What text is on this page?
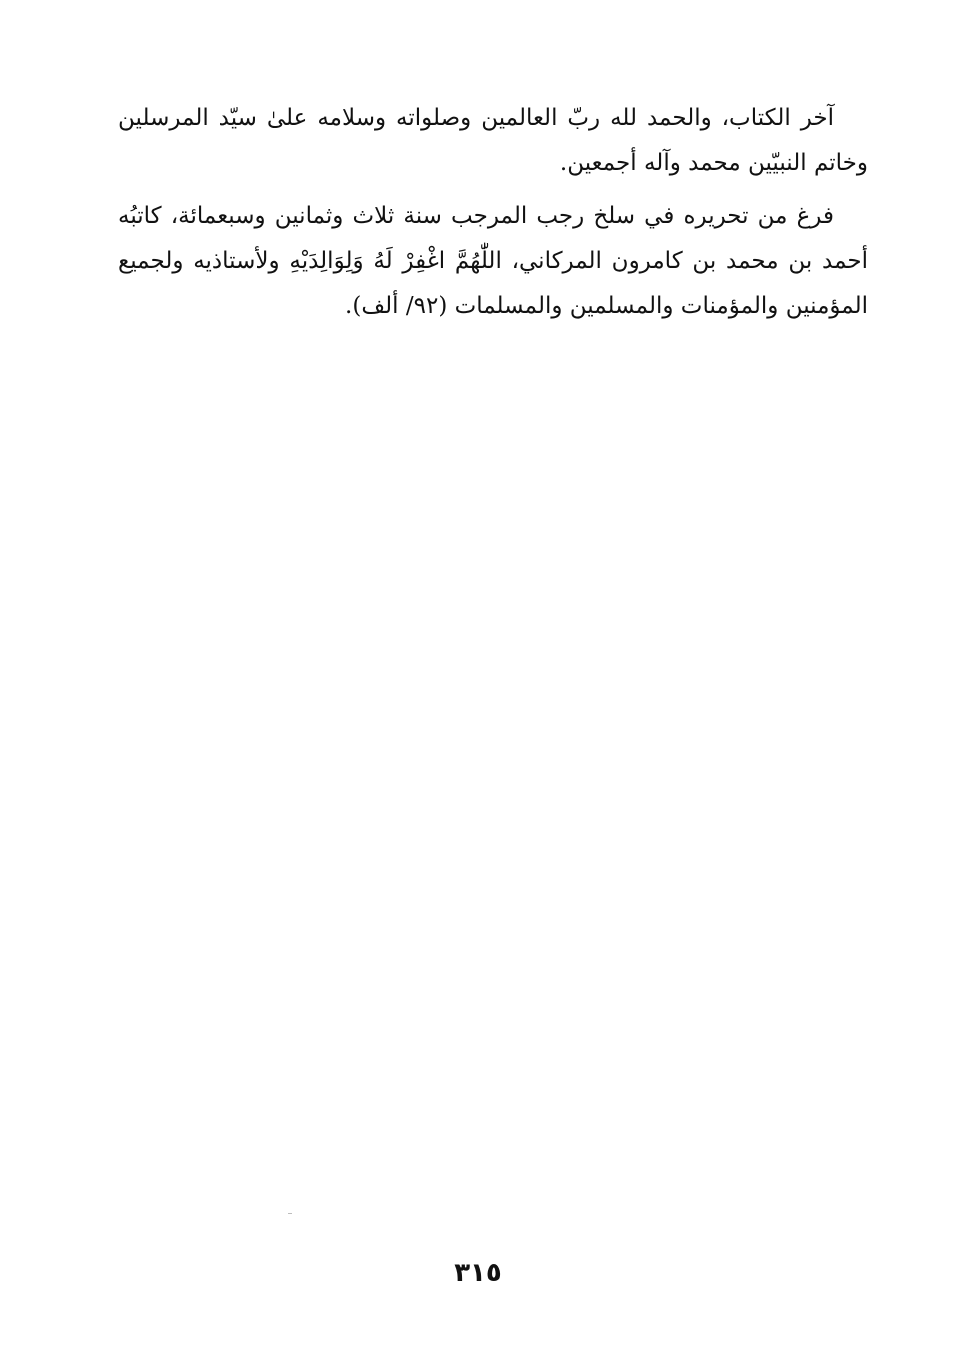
آخر الكتاب، والحمد لله ربّ العالمين وصلواته وسلامه علىٰ سيّد المرسلين وخاتم النبيّين محمد وآله أجمعين.

فرغ من تحريره في سلخ رجب المرجب سنة ثلاث وثمانين وسبعمائة، كاتبُه أحمد بن محمد بن كامرون المركاني، اللّٰهُمَّ اغْفِرْ لَهُ وَلِوَالِدَيْهِ ولأستاذيه ولجميع المؤمنين والمؤمنات والمسلمين والمسلمات (٩٢/ ألف).

٣١٥
